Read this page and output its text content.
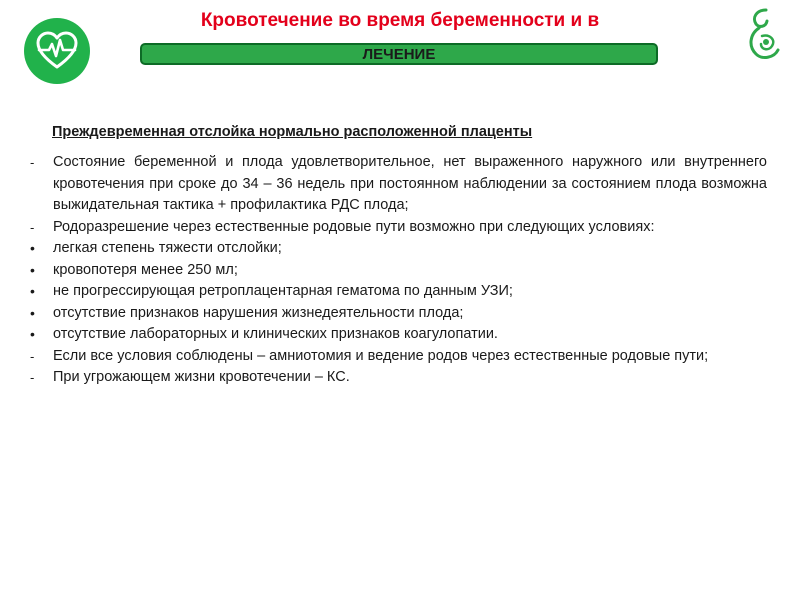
Кровотечение во время беременности и в
ЛЕЧЕНИЕ
Преждевременная отслойка нормально расположенной плаценты
-	Состояние беременной и плода удовлетворительное, нет выраженного наружного или внутреннего кровотечения при сроке до 34 – 36 недель при постоянном наблюдении за состоянием плода возможна выжидательная тактика + профилактика РДС плода;
-	Родоразрешение через естественные родовые пути возможно при следующих условиях:
•	легкая степень тяжести отслойки;
•	кровопотеря менее 250 мл;
•	не прогрессирующая ретроплацентарная гематома по данным УЗИ;
•	отсутствие признаков нарушения жизнедеятельности плода;
•	отсутствие лабораторных и клинических признаков коагулопатии.
-	Если все условия соблюдены – амниотомия и ведение родов через естественные родовые пути;
-	При угрожающем жизни кровотечении – КС.
